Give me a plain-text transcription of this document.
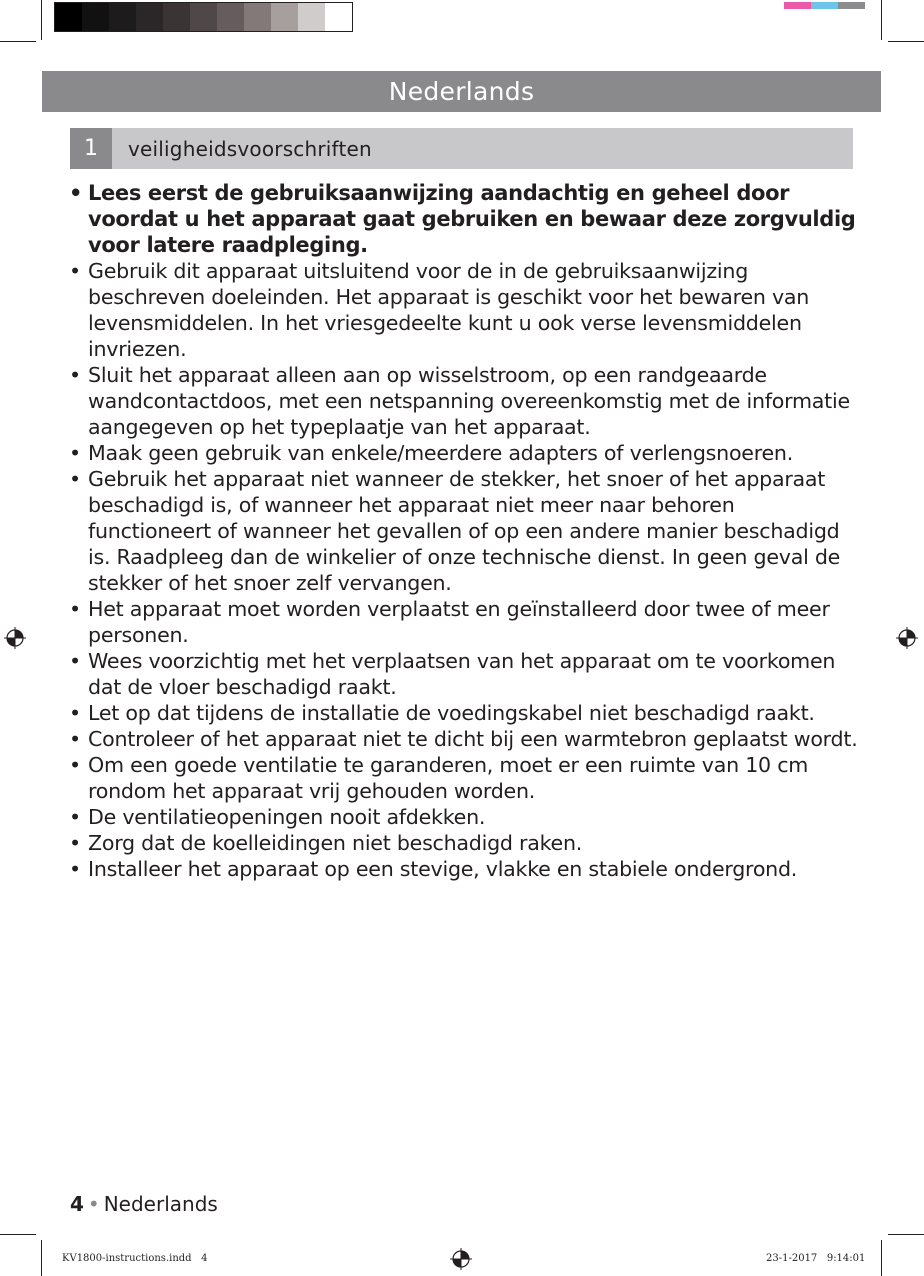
Nederlands
1	veiligheidsvoorschriften
• Lees eerst de gebruiksaanwijzing aandachtig en geheel door voordat u het apparaat gaat gebruiken en bewaar deze zorgvuldig voor latere raadpleging.
• Gebruik dit apparaat uitsluitend voor de in de gebruiksaanwijzing beschreven doeleinden. Het apparaat is geschikt voor het bewaren van levensmiddelen. In het vriesgedeelte kunt u ook verse levensmiddelen invriezen.
• Sluit het apparaat alleen aan op wisselstroom, op een randgeaarde wandcontactdoos, met een netspanning overeenkomstig met de informatie aangegeven op het typeplaatje van het apparaat.
• Maak geen gebruik van enkele/meerdere adapters of verlengsnoeren.
• Gebruik het apparaat niet wanneer de stekker, het snoer of het apparaat beschadigd is, of wanneer het apparaat niet meer naar behoren functioneert of wanneer het gevallen of op een andere manier beschadigd is. Raadpleeg dan de winkelier of onze technische dienst. In geen geval de stekker of het snoer zelf vervangen.
• Het apparaat moet worden verplaatst en geïnstalleerd door twee of meer personen.
• Wees voorzichtig met het verplaatsen van het apparaat om te voorkomen dat de vloer beschadigd raakt.
• Let op dat tijdens de installatie de voedingskabel niet beschadigd raakt.
• Controleer of het apparaat niet te dicht bij een warmtebron geplaatst wordt.
• Om een goede ventilatie te garanderen, moet er een ruimte van 10 cm rondom het apparaat vrij gehouden worden.
• De ventilatieopeningen nooit afdekken.
• Zorg dat de koelleidingen niet beschadigd raken.
• Installeer het apparaat op een stevige, vlakke en stabiele ondergrond.
4 • Nederlands
KV1800-instructions.indd   4	23-1-2017   9:14:01
